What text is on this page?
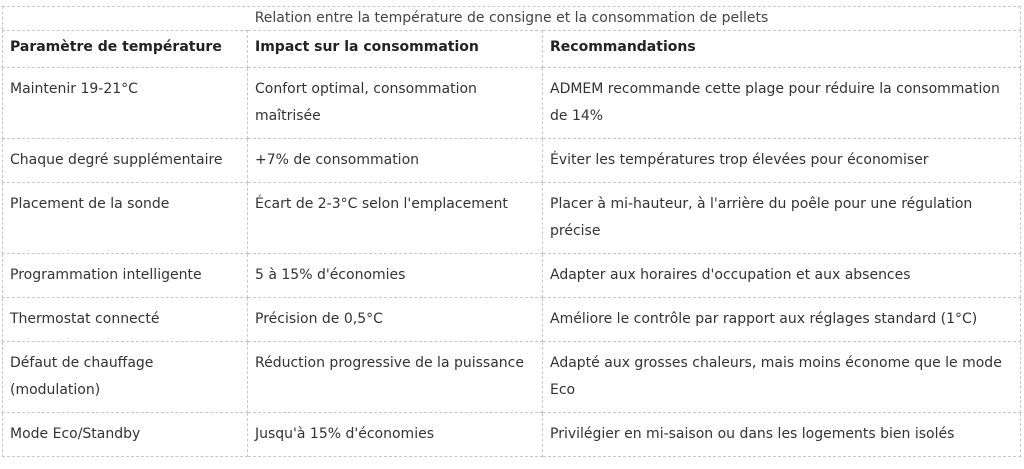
Relation entre la température de consigne et la consommation de pellets
Paramètre de température	Impact sur la consommation	Recommandations
Maintenir 19-21°C	Confort optimal, consommation maîtrisée	ADMEM recommande cette plage pour réduire la consommation de 14%
Chaque degré supplémentaire	+7% de consommation	Éviter les températures trop élevées pour économiser
Placement de la sonde	Écart de 2-3°C selon l'emplacement	Placer à mi-hauteur, à l'arrière du poêle pour une régulation précise
Programmation intelligente	5 à 15% d'économies	Adapter aux horaires d'occupation et aux absences
Thermostat connecté	Précision de 0,5°C	Améliore le contrôle par rapport aux réglages standard (1°C)
Défaut de chauffage (modulation)	Réduction progressive de la puissance	Adapté aux grosses chaleurs, mais moins économe que le mode Eco
Mode Eco/Standby	Jusqu'à 15% d'économies	Privilégier en mi-saison ou dans les logements bien isolés
